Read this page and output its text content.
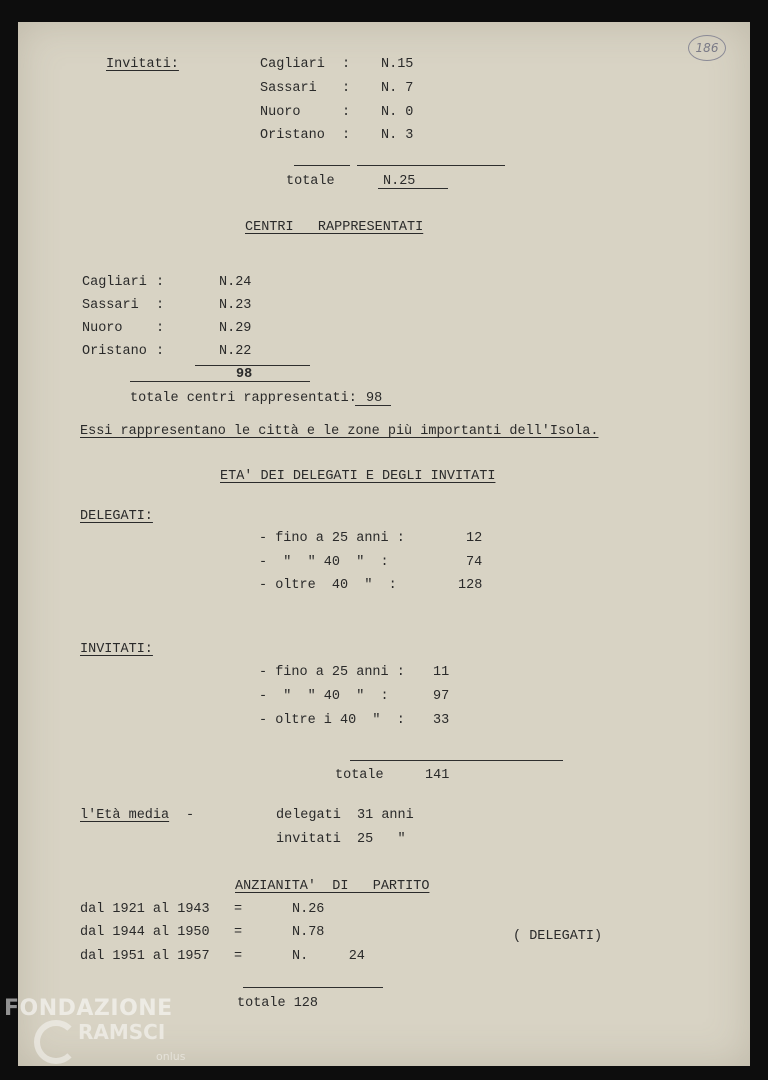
186
Invitati:	Cagliari : N.15
Sassari : N. 7
Nuoro	: N. 0
Oristano : N. 3
totale	N.25
CENTRI   RAPPRESENTATI
Cagliari :	N.24
Sassari :	N.23
Nuoro :	N.29
Oristano :	N.22
98
totale centri rappresentati: 98
Essi rappresentano le città e le zone più importanti dell'Isola.
ETA' DEI DELEGATI E DEGLI INVITATI
DELEGATI:
- fino a 25 anni :	12
-  "  " 40  "  :	74
- oltre  40  "  :	128
INVITATI:
- fino a 25 anni : 11
-  "  " 40  "  :	97
- oltre i 40  "  : 33
totale	141
l'Età media -	delegati  31 anni
invitati  25   "
ANZIANITA'  DI   PARTITO
dal 1921 al 1943 =	N.26
dal 1944 al 1950 =	N.78
dal 1951 al 1957 =	N.     24
( DELEGATI)
totale 128
FONDAZIONE
RAMSCI
onlus
